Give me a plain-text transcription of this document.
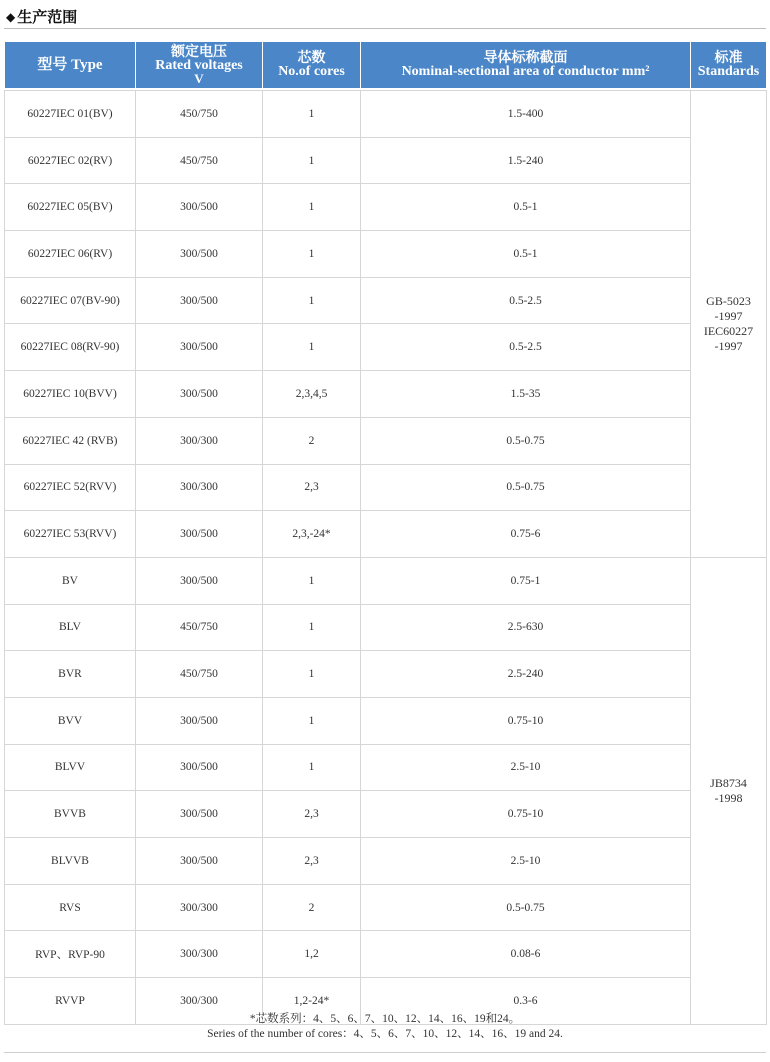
◆ 生产范围
型号 Type	额定电压
Rated voltages
V	芯数
No.of cores	导体标称截面
Nominal-sectional area of conductor mm²	标准
Standards

60227IEC 01(BV)	450/750	1	1.5-400	GB-5023
-1997
IEC60227
-1997

60227IEC 02(RV)	450/750	1	1.5-240	
60227IEC 05(BV)	300/500	1	0.5-1	
60227IEC 06(RV)	300/500	1	0.5-1	
60227IEC 07(BV-90)	300/500	1	0.5-2.5	
60227IEC 08(RV-90)	300/500	1	0.5-2.5	
60227IEC 10(BVV)	300/500	2,3,4,5	1.5-35	
60227IEC 42 (RVB)	300/300	2	0.5-0.75	
60227IEC 52(RVV)	300/300	2,3	0.5-0.75	
60227IEC 53(RVV)	300/500	2,3,-24*	0.75-6	
BV	300/500	1	0.75-1	JB8734
-1998

BLV	450/750	1	2.5-630	
BVR	450/750	1	2.5-240	
BVV	300/500	1	0.75-10	
BLVV	300/500	1	2.5-10	
BVVB	300/500	2,3	0.75-10	
BLVVB	300/500	2,3	2.5-10	
RVS	300/300	2	0.5-0.75	
RVP、RVP-90	300/300	1,2	0.08-6	
RVVP	300/300	1,2-24*	0.3-6	
*芯数系列：4、5、6、7、10、12、14、16、19和24。
Series of the number of cores：4、5、6、7、10、12、14、16、19 and 24.
